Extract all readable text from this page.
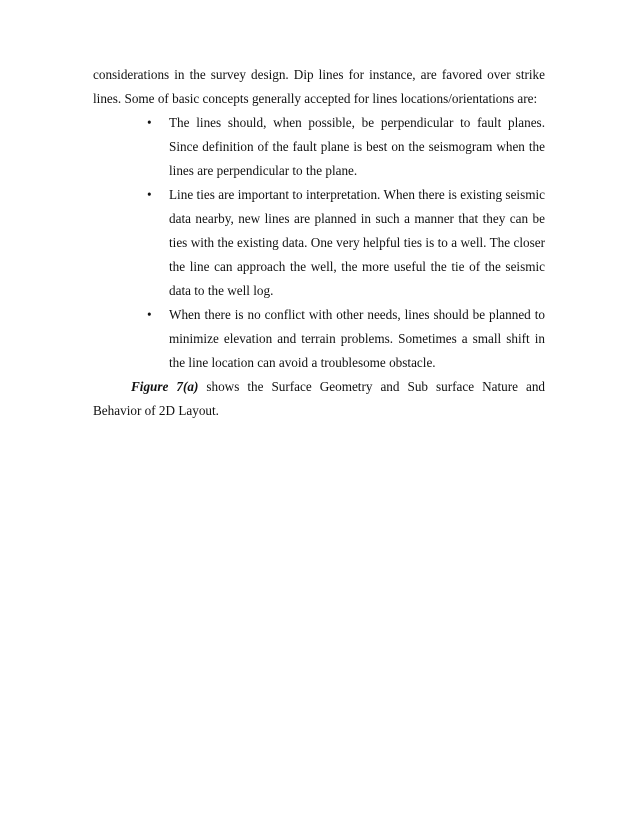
considerations in the survey design. Dip lines for instance, are favored over strike lines. Some of basic concepts generally accepted for lines locations/orientations are:

• The lines should, when possible, be perpendicular to fault planes. Since definition of the fault plane is best on the seismogram when the lines are perpendicular to the plane.
• Line ties are important to interpretation. When there is existing seismic data nearby, new lines are planned in such a manner that they can be ties with the existing data. One very helpful ties is to a well. The closer the line can approach the well, the more useful the tie of the seismic data to the well log.
• When there is no conflict with other needs, lines should be planned to minimize elevation and terrain problems. Sometimes a small shift in the line location can avoid a troublesome obstacle.

Figure 7(a) shows the Surface Geometry and Sub surface Nature and Behavior of 2D Layout.
